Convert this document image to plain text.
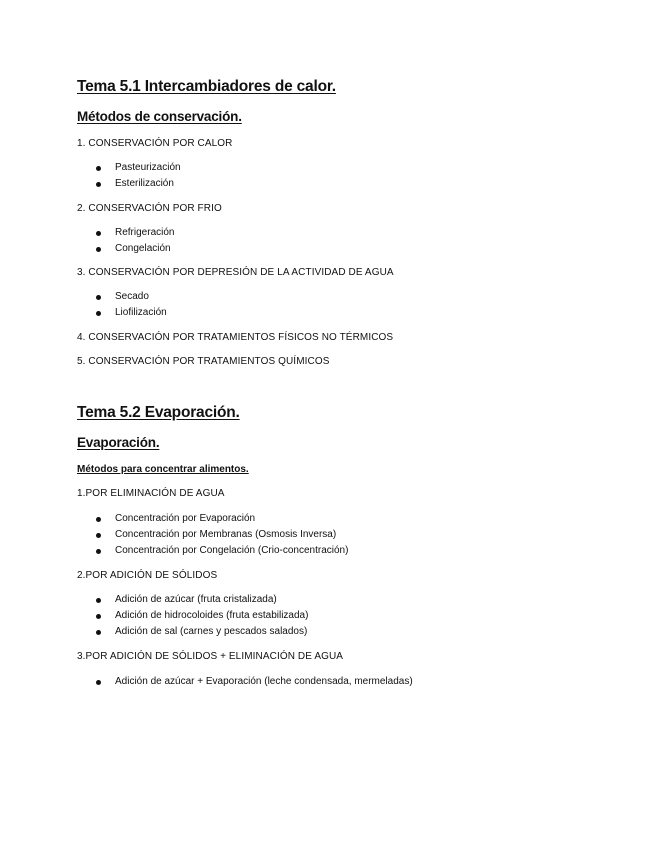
Tema 5.1 Intercambiadores de calor.
Métodos de conservación.
1. CONSERVACIÓN POR CALOR
Pasteurización
Esterilización
2. CONSERVACIÓN POR FRIO
Refrigeración
Congelación
3. CONSERVACIÓN POR DEPRESIÓN DE LA ACTIVIDAD DE AGUA
Secado
Liofilización
4. CONSERVACIÓN POR TRATAMIENTOS FÍSICOS NO TÉRMICOS
5. CONSERVACIÓN POR TRATAMIENTOS QUÍMICOS
Tema 5.2 Evaporación.
Evaporación.
Métodos para concentrar alimentos.
1.POR ELIMINACIÓN DE AGUA
Concentración por Evaporación
Concentración por Membranas (Osmosis Inversa)
Concentración por Congelación (Crio-concentración)
2.POR ADICIÓN DE SÓLIDOS
Adición de azúcar (fruta cristalizada)
Adición de hidrocoloides (fruta estabilizada)
Adición de sal (carnes y pescados salados)
3.POR ADICIÓN DE SÓLIDOS + ELIMINACIÓN DE AGUA
Adición de azúcar + Evaporación (leche condensada, mermeladas)
